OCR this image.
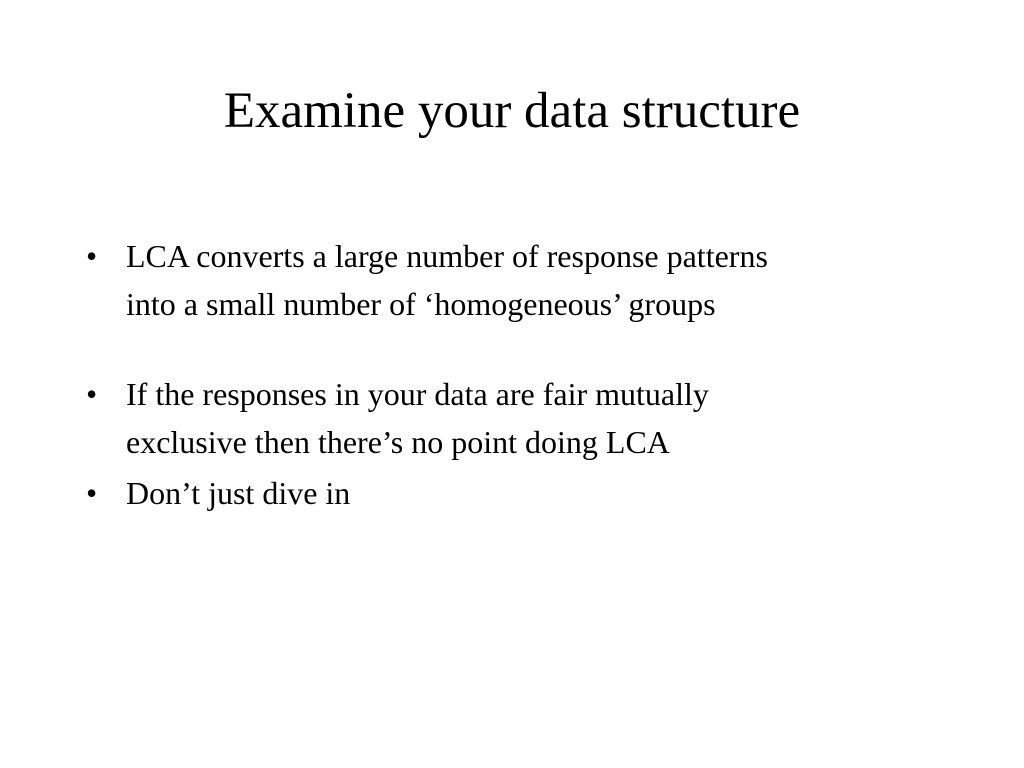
Examine your data structure
• LCA converts a large number of response patterns
into a small number of ‘homogeneous’ groups
• If the responses in your data are fair mutually
exclusive then there’s no point doing LCA
• Don’t just dive in
